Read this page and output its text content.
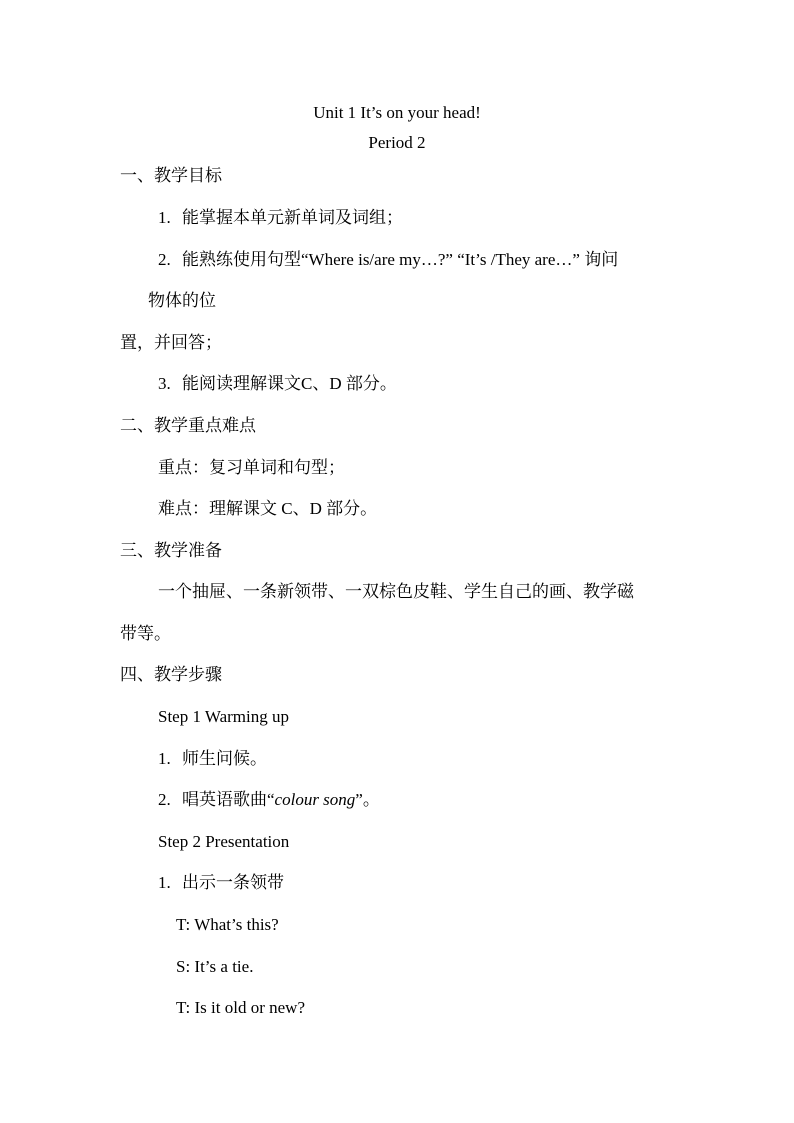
Unit 1 It’s on your head!
Period 2
一、教学目标
1. 能掌握本单元新单词及词组；
2. 能熟练使用句型“Where is/are my…?” “It’s /They are…” 询问
物体的位
置，并回答；
3. 能阅读理解课文C、D 部分。
二、教学重点难点
重点：复习单词和句型；
难点：理解课文 C、D 部分。
三、教学准备
一个抽屉、一条新领带、一双棕色皮鞋、学生自己的画、教学磁
带等。
四、教学步骤
Step 1 Warming up
1. 师生问候。
2. 唱英语歌曲“colour song”。
Step 2 Presentation
1. 出示一条领带
T: What’s this?
S: It’s a tie.
T: Is it old or new?
